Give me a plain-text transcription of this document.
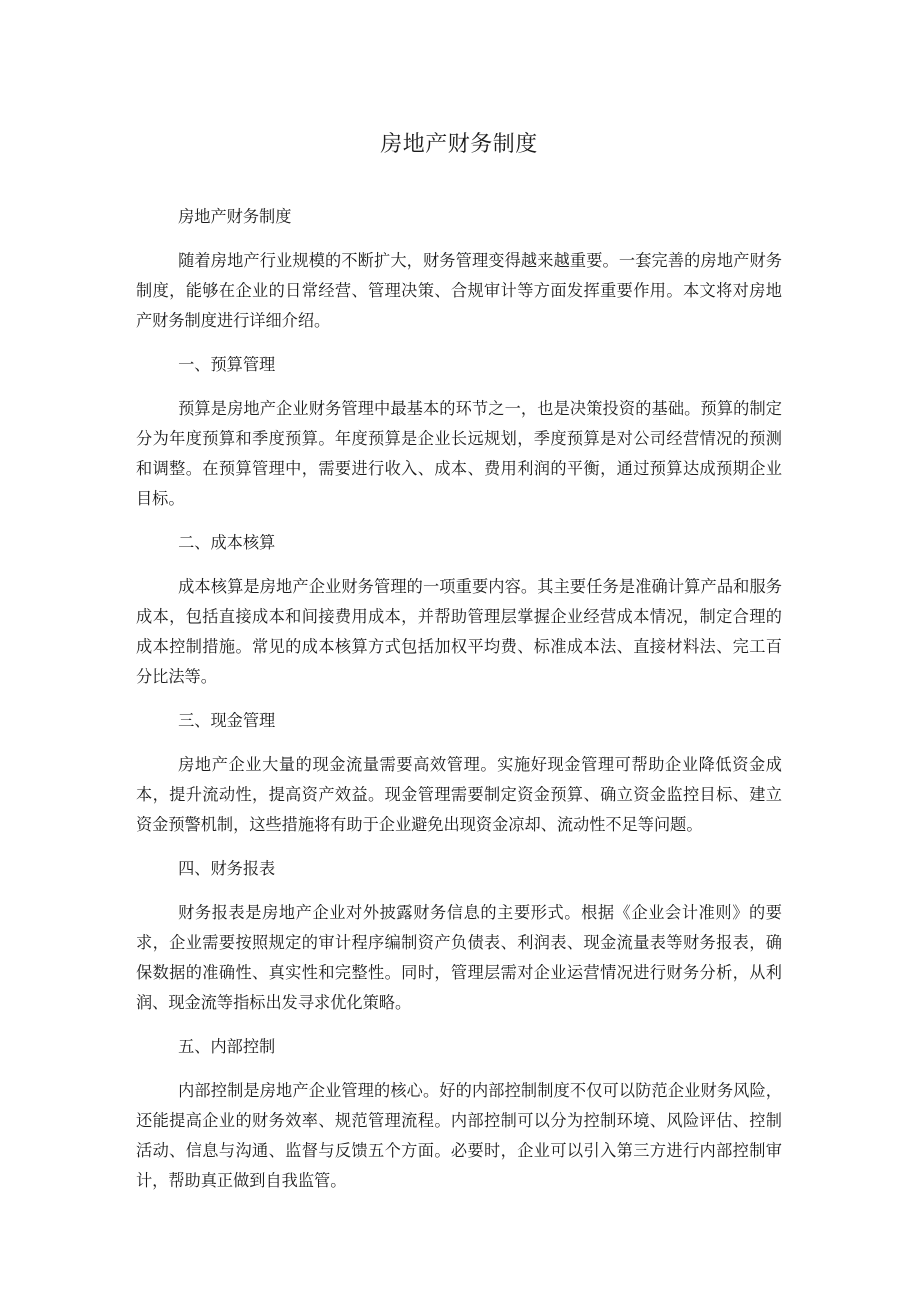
房地产财务制度

房地产财务制度

随着房地产行业规模的不断扩大，财务管理变得越来越重要。一套完善的房地产财务制度，能够在企业的日常经营、管理决策、合规审计等方面发挥重要作用。本文将对房地产财务制度进行详细介绍。

一、预算管理

预算是房地产企业财务管理中最基本的环节之一，也是决策投资的基础。预算的制定分为年度预算和季度预算。年度预算是企业长远规划，季度预算是对公司经营情况的预测和调整。在预算管理中，需要进行收入、成本、费用利润的平衡，通过预算达成预期企业目标。

二、成本核算

成本核算是房地产企业财务管理的一项重要内容。其主要任务是准确计算产品和服务成本，包括直接成本和间接费用成本，并帮助管理层掌握企业经营成本情况，制定合理的成本控制措施。常见的成本核算方式包括加权平均费、标准成本法、直接材料法、完工百分比法等。

三、现金管理

房地产企业大量的现金流量需要高效管理。实施好现金管理可帮助企业降低资金成本，提升流动性，提高资产效益。现金管理需要制定资金预算、确立资金监控目标、建立资金预警机制，这些措施将有助于企业避免出现资金凉却、流动性不足等问题。

四、财务报表

财务报表是房地产企业对外披露财务信息的主要形式。根据《企业会计准则》的要求，企业需要按照规定的审计程序编制资产负债表、利润表、现金流量表等财务报表，确保数据的准确性、真实性和完整性。同时，管理层需对企业运营情况进行财务分析，从利润、现金流等指标出发寻求优化策略。

五、内部控制

内部控制是房地产企业管理的核心。好的内部控制制度不仅可以防范企业财务风险，还能提高企业的财务效率、规范管理流程。内部控制可以分为控制环境、风险评估、控制活动、信息与沟通、监督与反馈五个方面。必要时，企业可以引入第三方进行内部控制审计，帮助真正做到自我监管。
